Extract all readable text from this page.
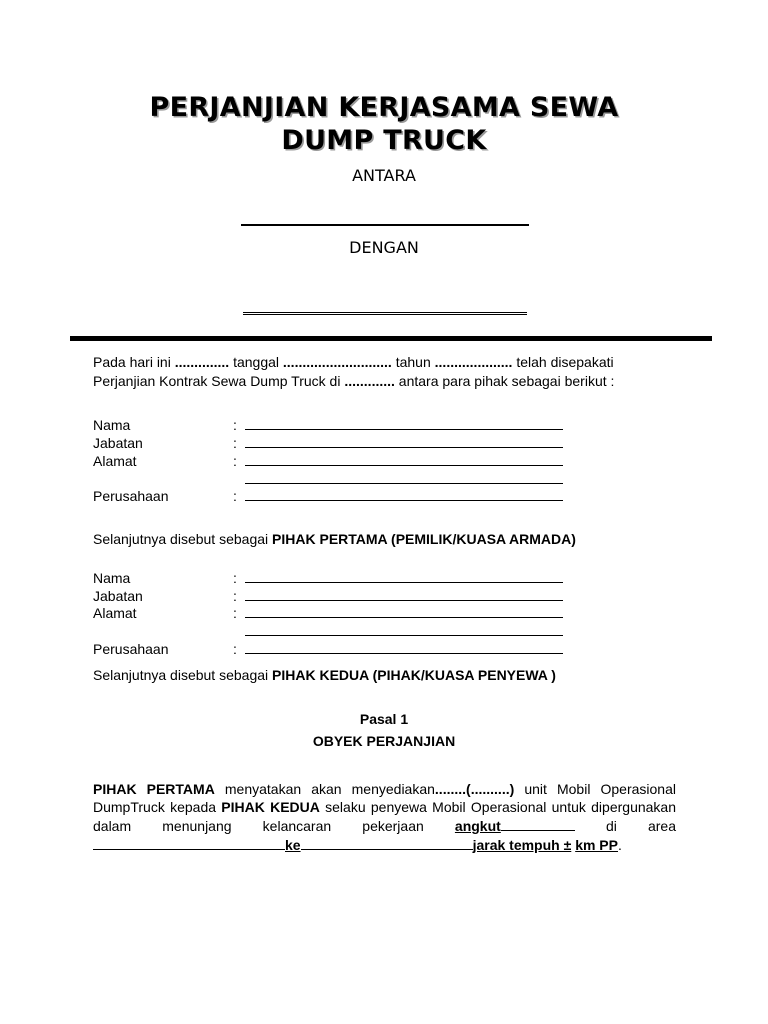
PERJANJIAN KERJASAMA SEWA
DUMP TRUCK
ANTARA
DENGAN
Pada hari ini .............. tanggal ............................ tahun .................... telah disepakati
Perjanjian Kontrak Sewa Dump Truck di ............. antara para pihak sebagai berikut :
Nama	:
Jabatan	:
Alamat	:
Perusahaan	:
Selanjutnya disebut sebagai PIHAK PERTAMA (PEMILIK/KUASA ARMADA)
Nama	:
Jabatan	:
Alamat	:
Perusahaan	:
Selanjutnya disebut sebagai PIHAK KEDUA (PIHAK/KUASA PENYEWA )
Pasal 1
OBYEK PERJANJIAN
PIHAK PERTAMA menyatakan akan menyediakan........(..........) unit Mobil Operasional DumpTruck kepada PIHAK KEDUA selaku penyewa Mobil Operasional untuk dipergunakan dalam menunjang kelancaran pekerjaan angkut	di area ke	jarak tempuh ± km PP.
